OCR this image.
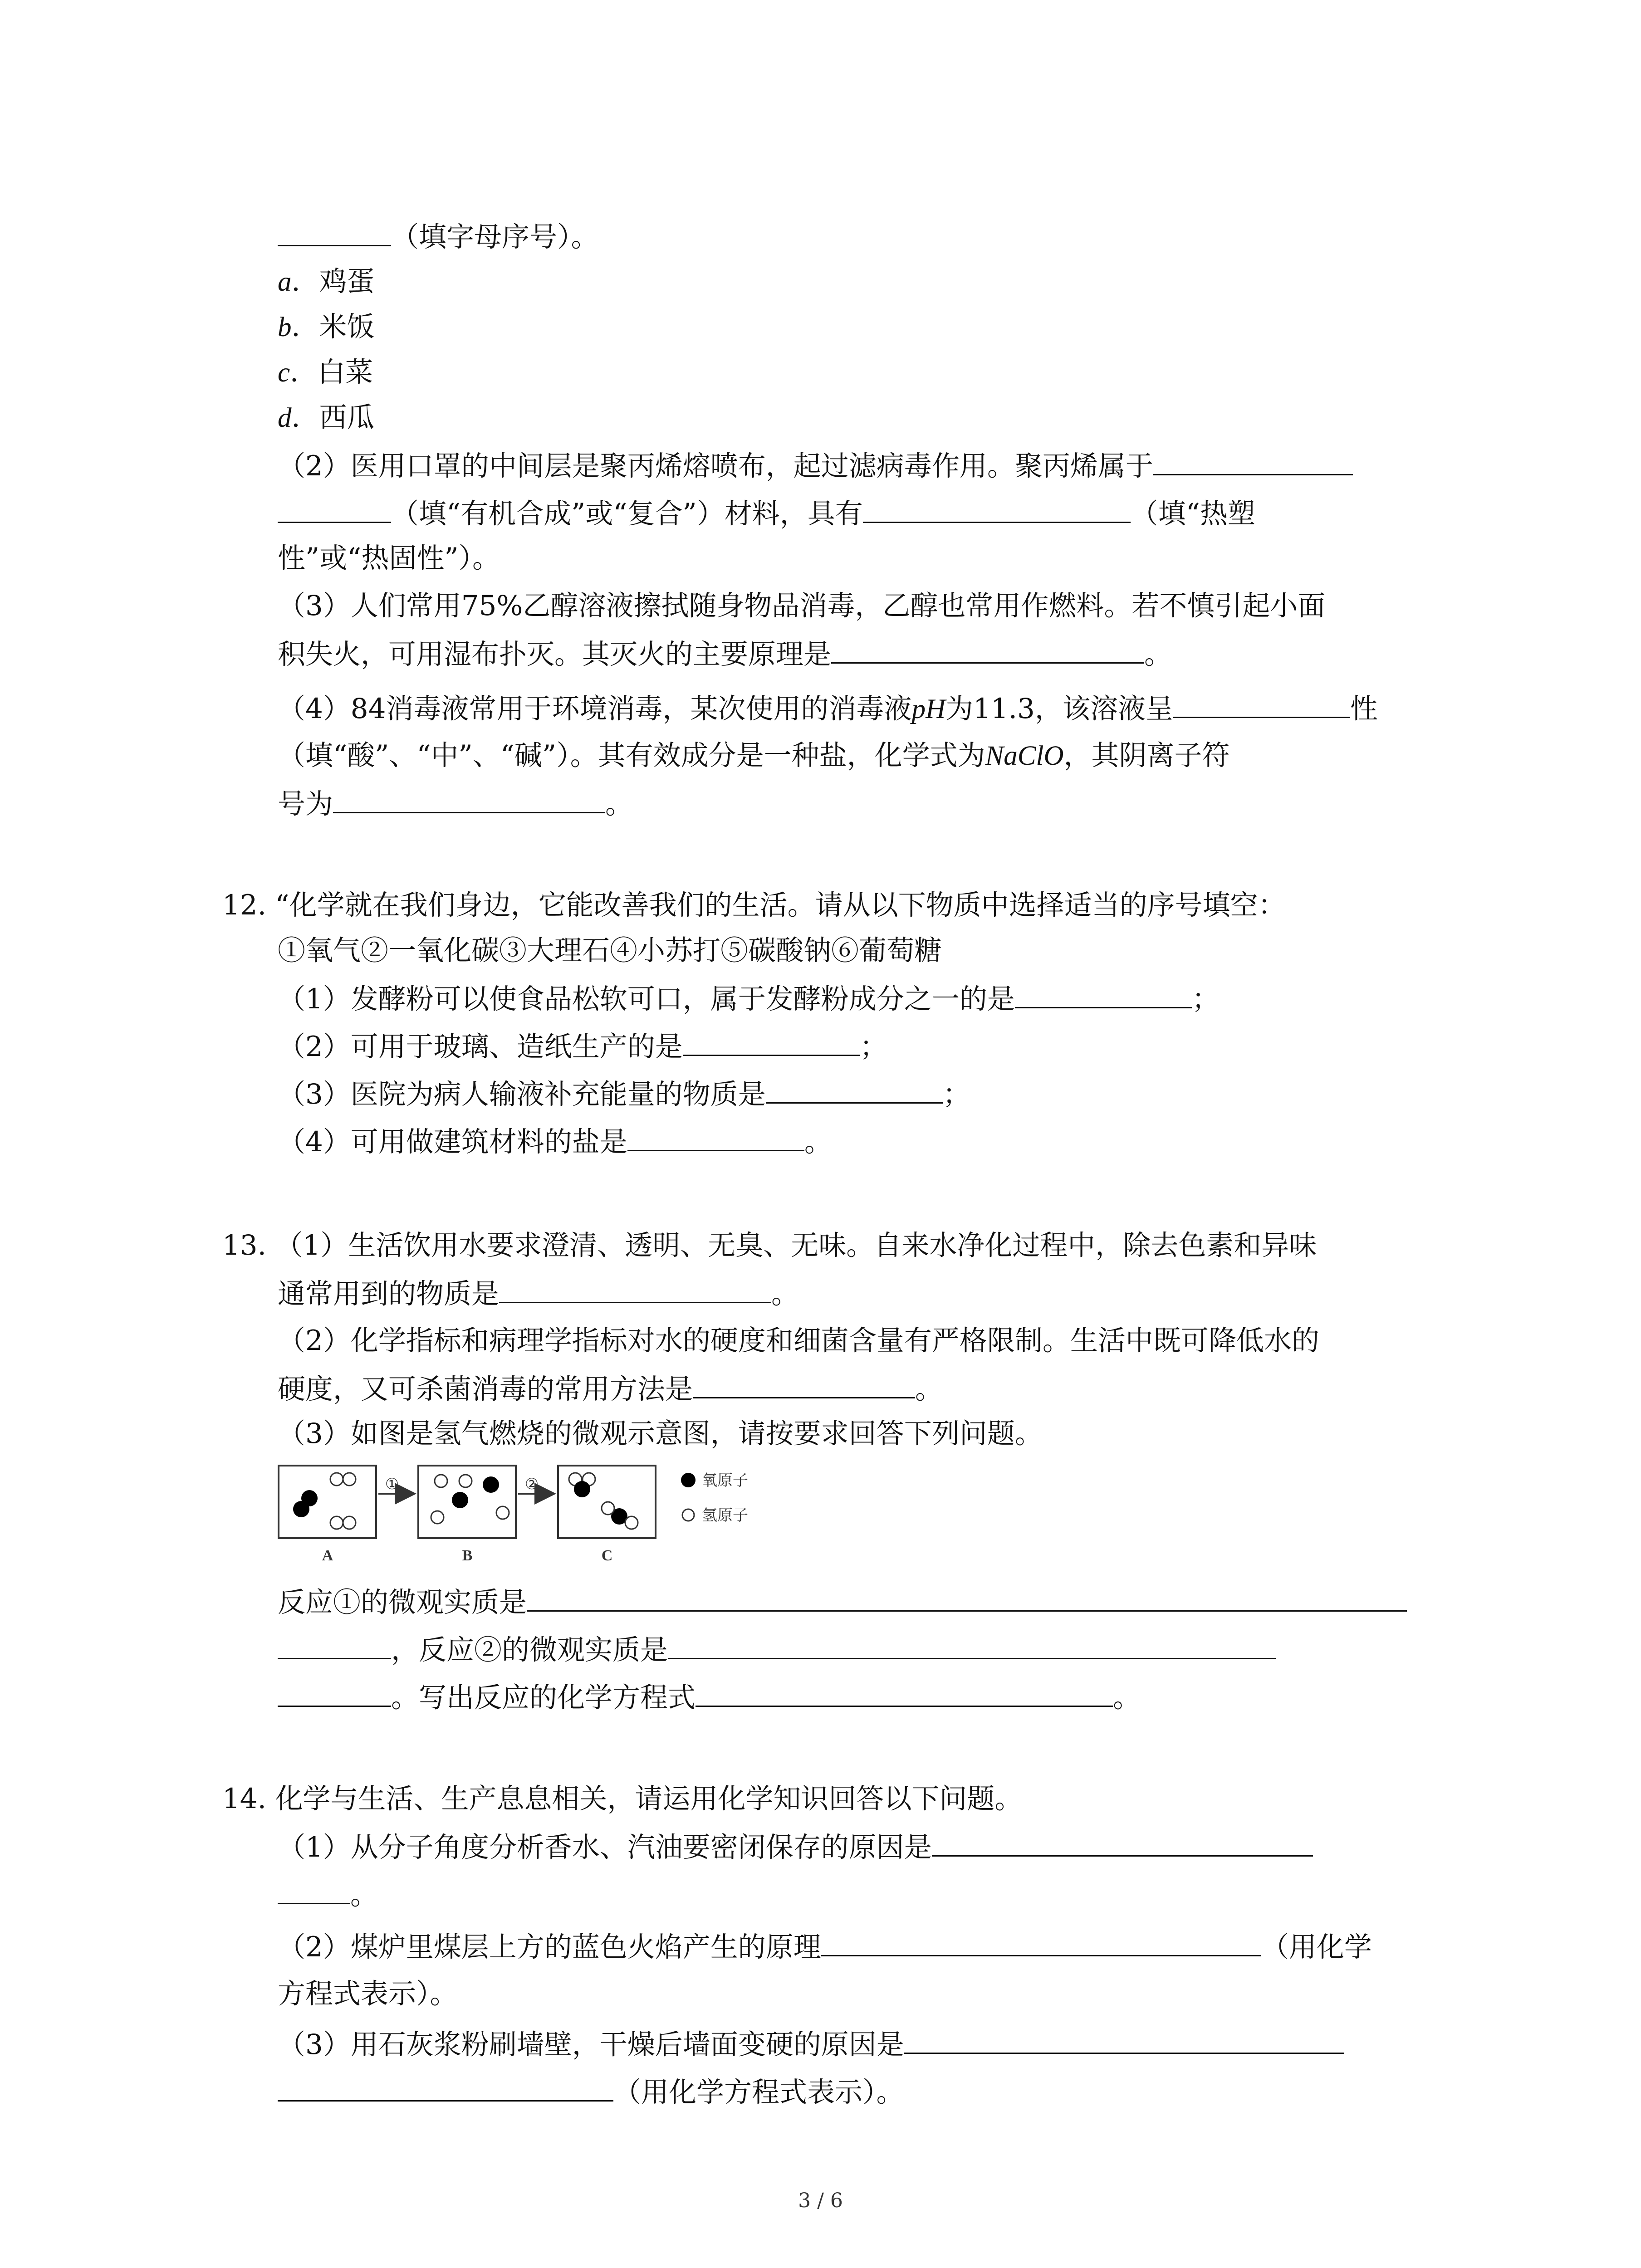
（填字母序号）。
a．鸡蛋
b．米饭
c．白菜
d．西瓜
（2）医用口罩的中间层是聚丙烯熔喷布，起过滤病毒作用。聚丙烯属于
（填“有机合成”或“复合”）材料，具有	（填“热塑
性”或“热固性”）。
（3）人们常用75%乙醇溶液擦拭随身物品消毒，乙醇也常用作燃料。若不慎引起小面
积失火，可用湿布扑灭。其灭火的主要原理是	。
（4）84消毒液常用于环境消毒，某次使用的消毒液pH为11.3，该溶液呈	性
（填“酸”、“中”、“碱”）。其有效成分是一种盐，化学式为NaClO，其阴离子符
号为	。
12. “化学就在我们身边，它能改善我们的生活。请从以下物质中选择适当的序号填空：
①氧气②一氧化碳③大理石④小苏打⑤碳酸钠⑥葡萄糖
（1）发酵粉可以使食品松软可口，属于发酵粉成分之一的是	；
（2）可用于玻璃、造纸生产的是	；
（3）医院为病人输液补充能量的物质是	；
（4）可用做建筑材料的盐是	。
13. （1）生活饮用水要求澄清、透明、无臭、无味。自来水净化过程中，除去色素和异味
通常用到的物质是	。
（2）化学指标和病理学指标对水的硬度和细菌含量有严格限制。生活中既可降低水的
硬度，又可杀菌消毒的常用方法是	。
（3）如图是氢气燃烧的微观示意图，请按要求回答下列问题。
A
①
B
②
C
氧原子
氢原子
反应①的微观实质是
，反应②的微观实质是
。写出反应的化学方程式	。
14. 化学与生活、生产息息相关，请运用化学知识回答以下问题。
（1）从分子角度分析香水、汽油要密闭保存的原因是
。
（2）煤炉里煤层上方的蓝色火焰产生的原理	（用化学
方程式表示）。
（3）用石灰浆粉刷墙壁，干燥后墙面变硬的原因是
（用化学方程式表示）。
3 / 6
